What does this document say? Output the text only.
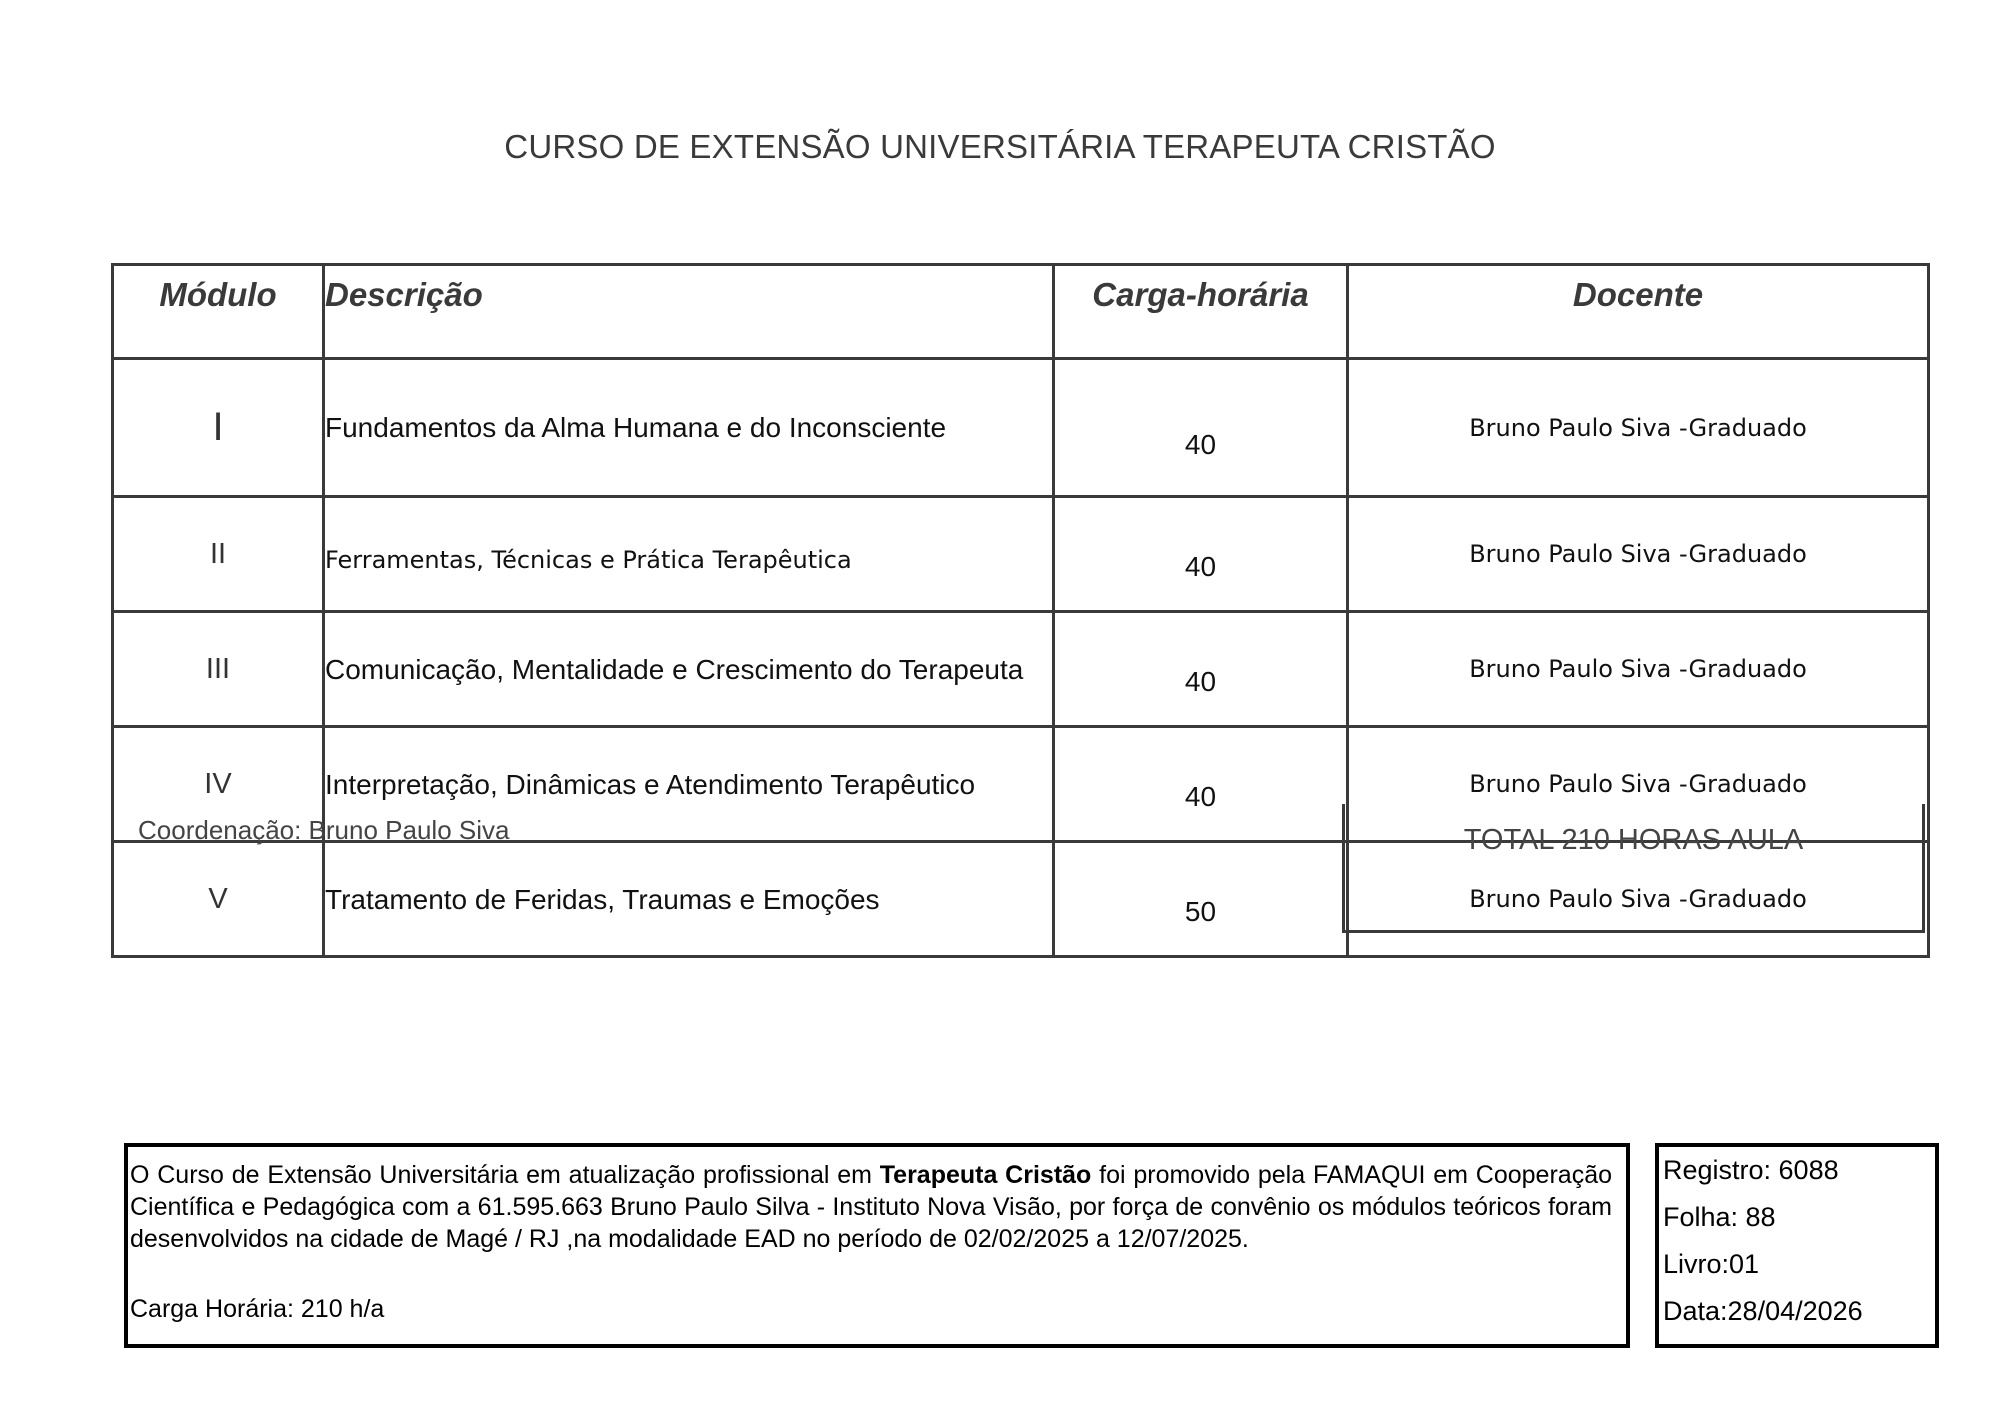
CURSO DE EXTENSÃO UNIVERSITÁRIA TERAPEUTA CRISTÃO
Módulo	Descrição	Carga-horária	Docente
I	Fundamentos da Alma Humana e do Inconsciente	40	Bruno Paulo Siva -Graduado
II	Ferramentas, Técnicas e Prática Terapêutica	40	Bruno Paulo Siva -Graduado
III	Comunicação, Mentalidade e Crescimento do Terapeuta	40	Bruno Paulo Siva -Graduado
IV	Interpretação, Dinâmicas e Atendimento Terapêutico	40	Bruno Paulo Siva -Graduado
V	Tratamento de Feridas, Traumas e Emoções	50	Bruno Paulo Siva -Graduado
Coordenação: Bruno Paulo Siva	TOTAL 210 HORAS AULA

O Curso de Extensão Universitária em atualização profissional em Terapeuta Cristão foi promovido pela FAMAQUI em Cooperação Científica e Pedagógica com a 61.595.663 Bruno Paulo Silva - Instituto Nova Visão, por força de convênio os módulos teóricos foram desenvolvidos na cidade de Magé / RJ ,na modalidade EAD no período de 02/02/2025 a 12/07/2025.

Carga Horária: 210 h/a
Registro: 6088
Folha: 88
Livro:01
Data:28/04/2026
